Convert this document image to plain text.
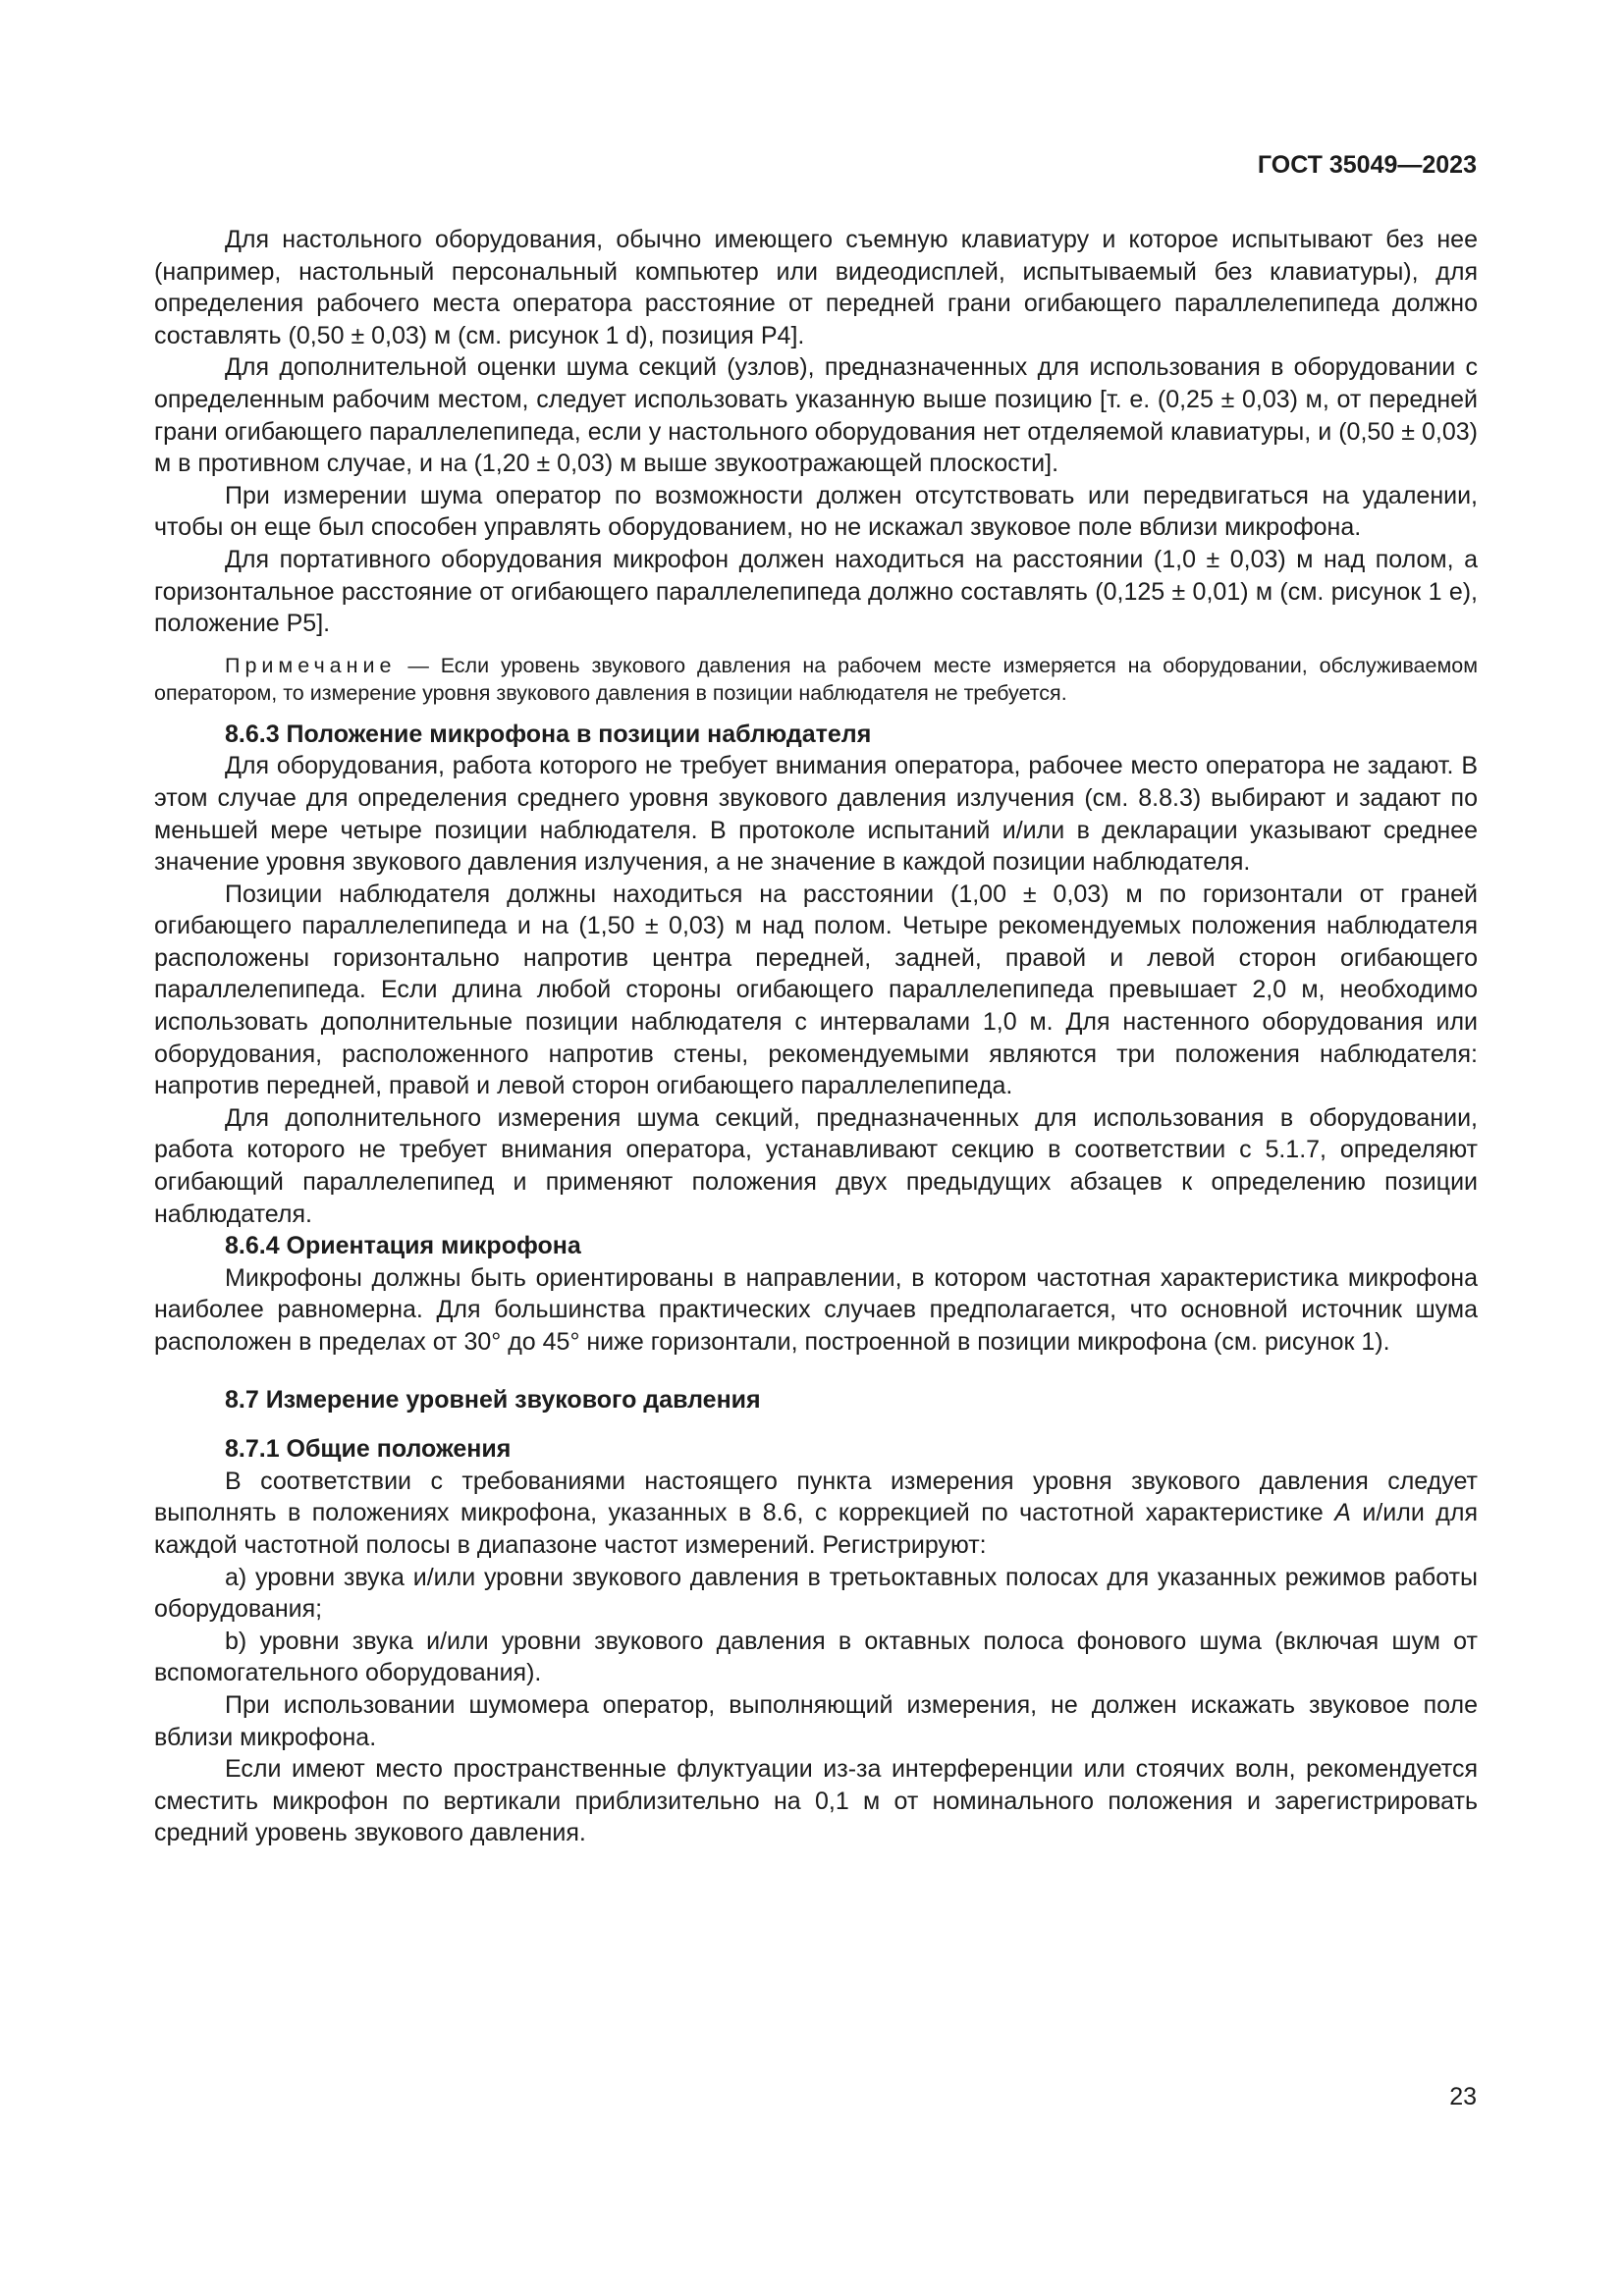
ГОСТ 35049—2023

Для настольного оборудования, обычно имеющего съемную клавиатуру и которое испытывают без нее (например, настольный персональный компьютер или видеодисплей, испытываемый без клавиатуры), для определения рабочего места оператора расстояние от передней грани огибающего параллелепипеда должно составлять (0,50 ± 0,03) м (см. рисунок 1 d), позиция P4].

Для дополнительной оценки шума секций (узлов), предназначенных для использования в оборудовании с определенным рабочим местом, следует использовать указанную выше позицию [т. е. (0,25 ± 0,03) м, от передней грани огибающего параллелепипеда, если у настольного оборудования нет отделяемой клавиатуры, и (0,50 ± 0,03) м в противном случае, и на (1,20 ± 0,03) м выше звукоотражающей плоскости].

При измерении шума оператор по возможности должен отсутствовать или передвигаться на удалении, чтобы он еще был способен управлять оборудованием, но не искажал звуковое поле вблизи микрофона.

Для портативного оборудования микрофон должен находиться на расстоянии (1,0 ± 0,03) м над полом, а горизонтальное расстояние от огибающего параллелепипеда должно составлять (0,125 ± 0,01) м (см. рисунок 1 е), положение P5].

Примечание — Если уровень звукового давления на рабочем месте измеряется на оборудовании, обслуживаемом оператором, то измерение уровня звукового давления в позиции наблюдателя не требуется.

8.6.3 Положение микрофона в позиции наблюдателя

Для оборудования, работа которого не требует внимания оператора, рабочее место оператора не задают. В этом случае для определения среднего уровня звукового давления излучения (см. 8.8.3) выбирают и задают по меньшей мере четыре позиции наблюдателя. В протоколе испытаний и/или в декларации указывают среднее значение уровня звукового давления излучения, а не значение в каждой позиции наблюдателя.

Позиции наблюдателя должны находиться на расстоянии (1,00 ± 0,03) м по горизонтали от граней огибающего параллелепипеда и на (1,50 ± 0,03) м над полом. Четыре рекомендуемых положения наблюдателя расположены горизонтально напротив центра передней, задней, правой и левой сторон огибающего параллелепипеда. Если длина любой стороны огибающего параллелепипеда превышает 2,0 м, необходимо использовать дополнительные позиции наблюдателя с интервалами 1,0 м. Для настенного оборудования или оборудования, расположенного напротив стены, рекомендуемыми являются три положения наблюдателя: напротив передней, правой и левой сторон огибающего параллелепипеда.

Для дополнительного измерения шума секций, предназначенных для использования в оборудовании, работа которого не требует внимания оператора, устанавливают секцию в соответствии с 5.1.7, определяют огибающий параллелепипед и применяют положения двух предыдущих абзацев к определению позиции наблюдателя.

8.6.4 Ориентация микрофона

Микрофоны должны быть ориентированы в направлении, в котором частотная характеристика микрофона наиболее равномерна. Для большинства практических случаев предполагается, что основной источник шума расположен в пределах от 30° до 45° ниже горизонтали, построенной в позиции микрофона (см. рисунок 1).

8.7 Измерение уровней звукового давления
8.7.1 Общие положения

В соответствии с требованиями настоящего пункта измерения уровня звукового давления следует выполнять в положениях микрофона, указанных в 8.6, с коррекцией по частотной характеристике A и/или для каждой частотной полосы в диапазоне частот измерений. Регистрируют:

a) уровни звука и/или уровни звукового давления в третьоктавных полосах для указанных режимов работы оборудования;

b) уровни звука и/или уровни звукового давления в октавных полоса фонового шума (включая шум от вспомогательного оборудования).

При использовании шумомера оператор, выполняющий измерения, не должен искажать звуковое поле вблизи микрофона.

Если имеют место пространственные флуктуации из-за интерференции или стоячих волн, рекомендуется сместить микрофон по вертикали приблизительно на 0,1 м от номинального положения и зарегистрировать средний уровень звукового давления.

23
